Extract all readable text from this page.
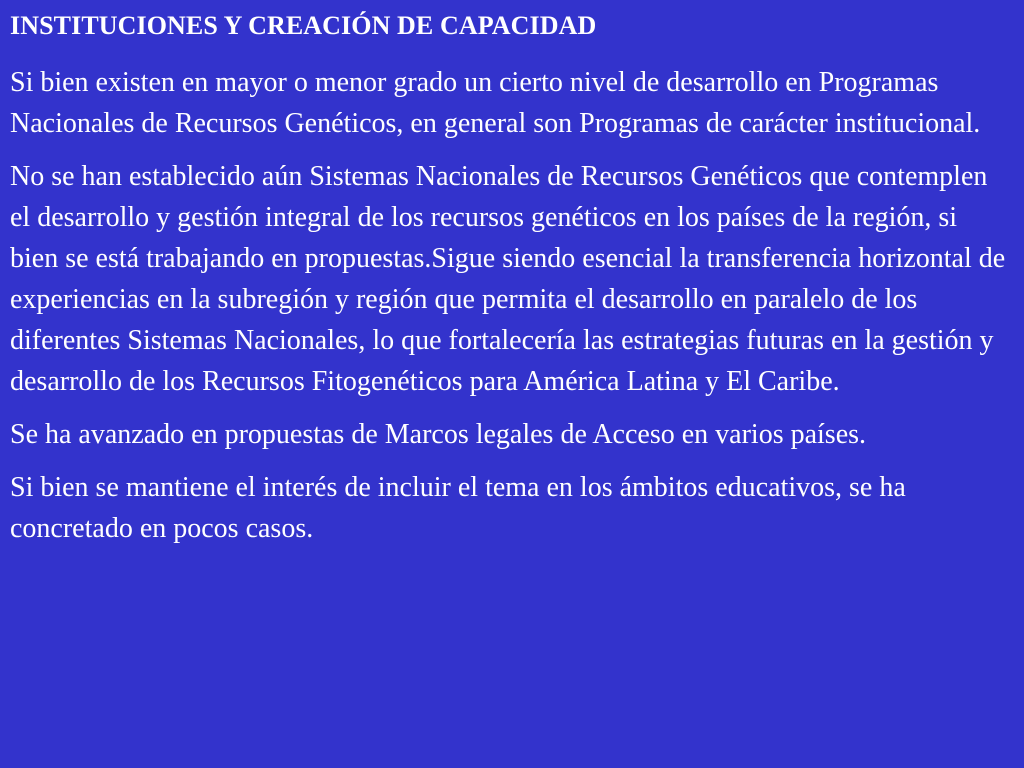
INSTITUCIONES Y CREACIÓN DE CAPACIDAD

Si bien existen en mayor o menor grado un cierto nivel de desarrollo en Programas Nacionales de Recursos Genéticos, en general son Programas de carácter institucional.

No se han establecido aún Sistemas Nacionales de Recursos Genéticos que contemplen el desarrollo y gestión integral de los recursos genéticos en los países de la región, si bien se está trabajando en propuestas.Sigue siendo esencial la transferencia horizontal de experiencias en la subregión y región que permita el desarrollo en paralelo de los diferentes Sistemas Nacionales, lo que fortalecería las estrategias futuras en la gestión y desarrollo de los Recursos Fitogenéticos para América Latina y El Caribe.

Se ha avanzado en propuestas de Marcos legales de Acceso en varios países.

Si bien se mantiene el interés de incluir el tema en los ámbitos educativos, se ha concretado en pocos casos.
